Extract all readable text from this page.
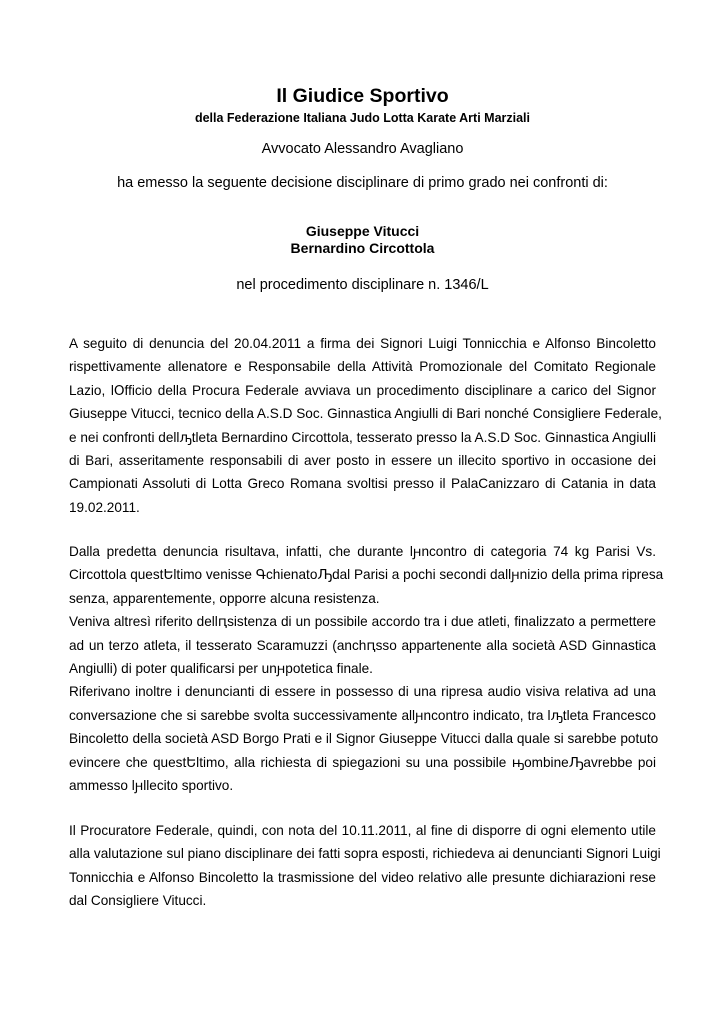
Il Giudice Sportivo
della Federazione Italiana Judo Lotta Karate Arti Marziali
Avvocato Alessandro Avagliano
ha emesso la seguente decisione disciplinare di primo grado nei confronti di:
Giuseppe Vitucci
Bernardino Circottola
nel procedimento disciplinare n. 1346/L
A seguito di denuncia del 20.04.2011 a firma dei Signori Luigi Tonnicchia e Alfonso Bincoletto
rispettivamente allenatore e Responsabile della Attività Promozionale del Comitato Regionale
Lazio, lՕfficio della Procura Federale avviava un procedimento disciplinare a carico del Signor
Giuseppe Vitucci, tecnico della A.S.D Soc. Ginnastica Angiulli di Bari nonché Consigliere Federale,
e nei confronti dellԡtleta Bernardino Circottola, tesserato presso la A.S.D Soc. Ginnastica Angiulli
di Bari, asseritamente responsabili di aver posto in essere un illecito sportivo in occasione dei
Campionati Assoluti di Lotta Greco Romana svoltisi presso il PalaCanizzaro di Catania in data
19.02.2011.
Dalla predetta denuncia risultava, infatti, che durante lԩncontro di categoria 74 kg Parisi Vs.
Circottola questԵltimo venisse ԳchienatoԠdal Parisi a pochi secondi dallԩnizio della prima ripresa
senza, apparentemente, opporre alcuna resistenza.
Veniva altresì riferito dellԥsistenza di un possibile accordo tra i due atleti, finalizzato a permettere
ad un terzo atleta, il tesserato Scaramuzzi (anchԥsso appartenente alla società ASD Ginnastica
Angiulli) di poter qualificarsi per unԩpotetica finale.
Riferivano inoltre i denuncianti di essere in possesso di una ripresa audio visiva relativa ad una
conversazione che si sarebbe svolta successivamente allԩncontro indicato, tra lԡtleta Francesco
Bincoletto della società ASD Borgo Prati e il Signor Giuseppe Vitucci dalla quale si sarebbe potuto
evincere che questԵltimo, alla richiesta di spiegazioni su una possibile ԣombineԠavrebbe poi
ammesso lԩllecito sportivo.
Il Procuratore Federale, quindi, con nota del 10.11.2011, al fine di disporre di ogni elemento utile
alla valutazione sul piano disciplinare dei fatti sopra esposti, richiedeva ai denuncianti Signori Luigi
Tonnicchia e Alfonso Bincoletto la trasmissione del video relativo alle presunte dichiarazioni rese
dal Consigliere Vitucci.
